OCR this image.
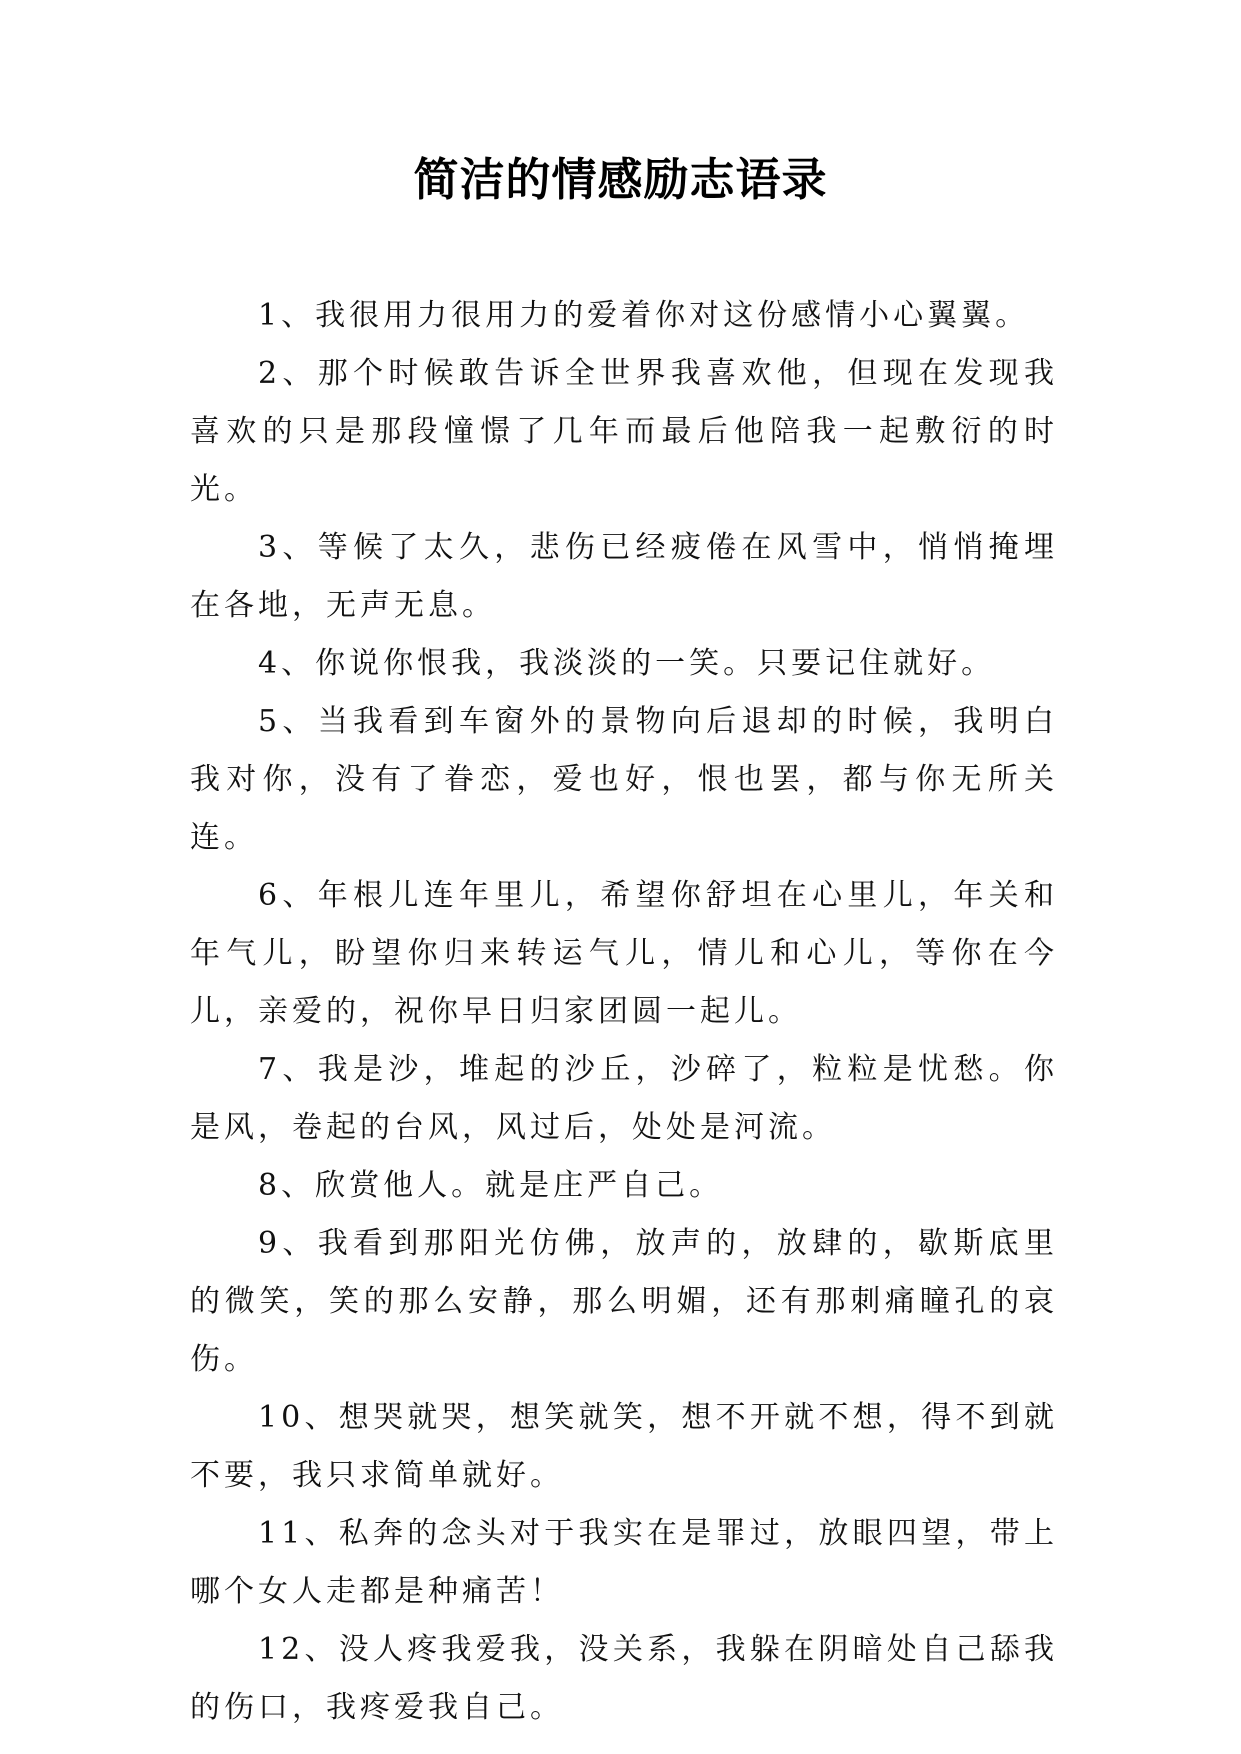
简洁的情感励志语录

1、我很用力很用力的爱着你对这份感情小心翼翼。

2、那个时候敢告诉全世界我喜欢他，但现在发现我喜欢的只是那段憧憬了几年而最后他陪我一起敷衍的时光。

3、等候了太久，悲伤已经疲倦在风雪中，悄悄掩埋在各地，无声无息。

4、你说你恨我，我淡淡的一笑。只要记住就好。

5、当我看到车窗外的景物向后退却的时候，我明白我对你，没有了眷恋，爱也好，恨也罢，都与你无所关连。

6、年根儿连年里儿，希望你舒坦在心里儿，年关和年气儿，盼望你归来转运气儿，情儿和心儿，等你在今儿，亲爱的，祝你早日归家团圆一起儿。

7、我是沙，堆起的沙丘，沙碎了，粒粒是忧愁。你是风，卷起的台风，风过后，处处是河流。

8、欣赏他人。就是庄严自己。

9、我看到那阳光仿佛，放声的，放肆的，歇斯底里的微笑，笑的那么安静，那么明媚，还有那刺痛瞳孔的哀伤。

10、想哭就哭，想笑就笑，想不开就不想，得不到就不要，我只求简单就好。

11、私奔的念头对于我实在是罪过，放眼四望，带上哪个女人走都是种痛苦！

12、没人疼我爱我，没关系，我躲在阴暗处自己舔我的伤口，我疼爱我自己。
